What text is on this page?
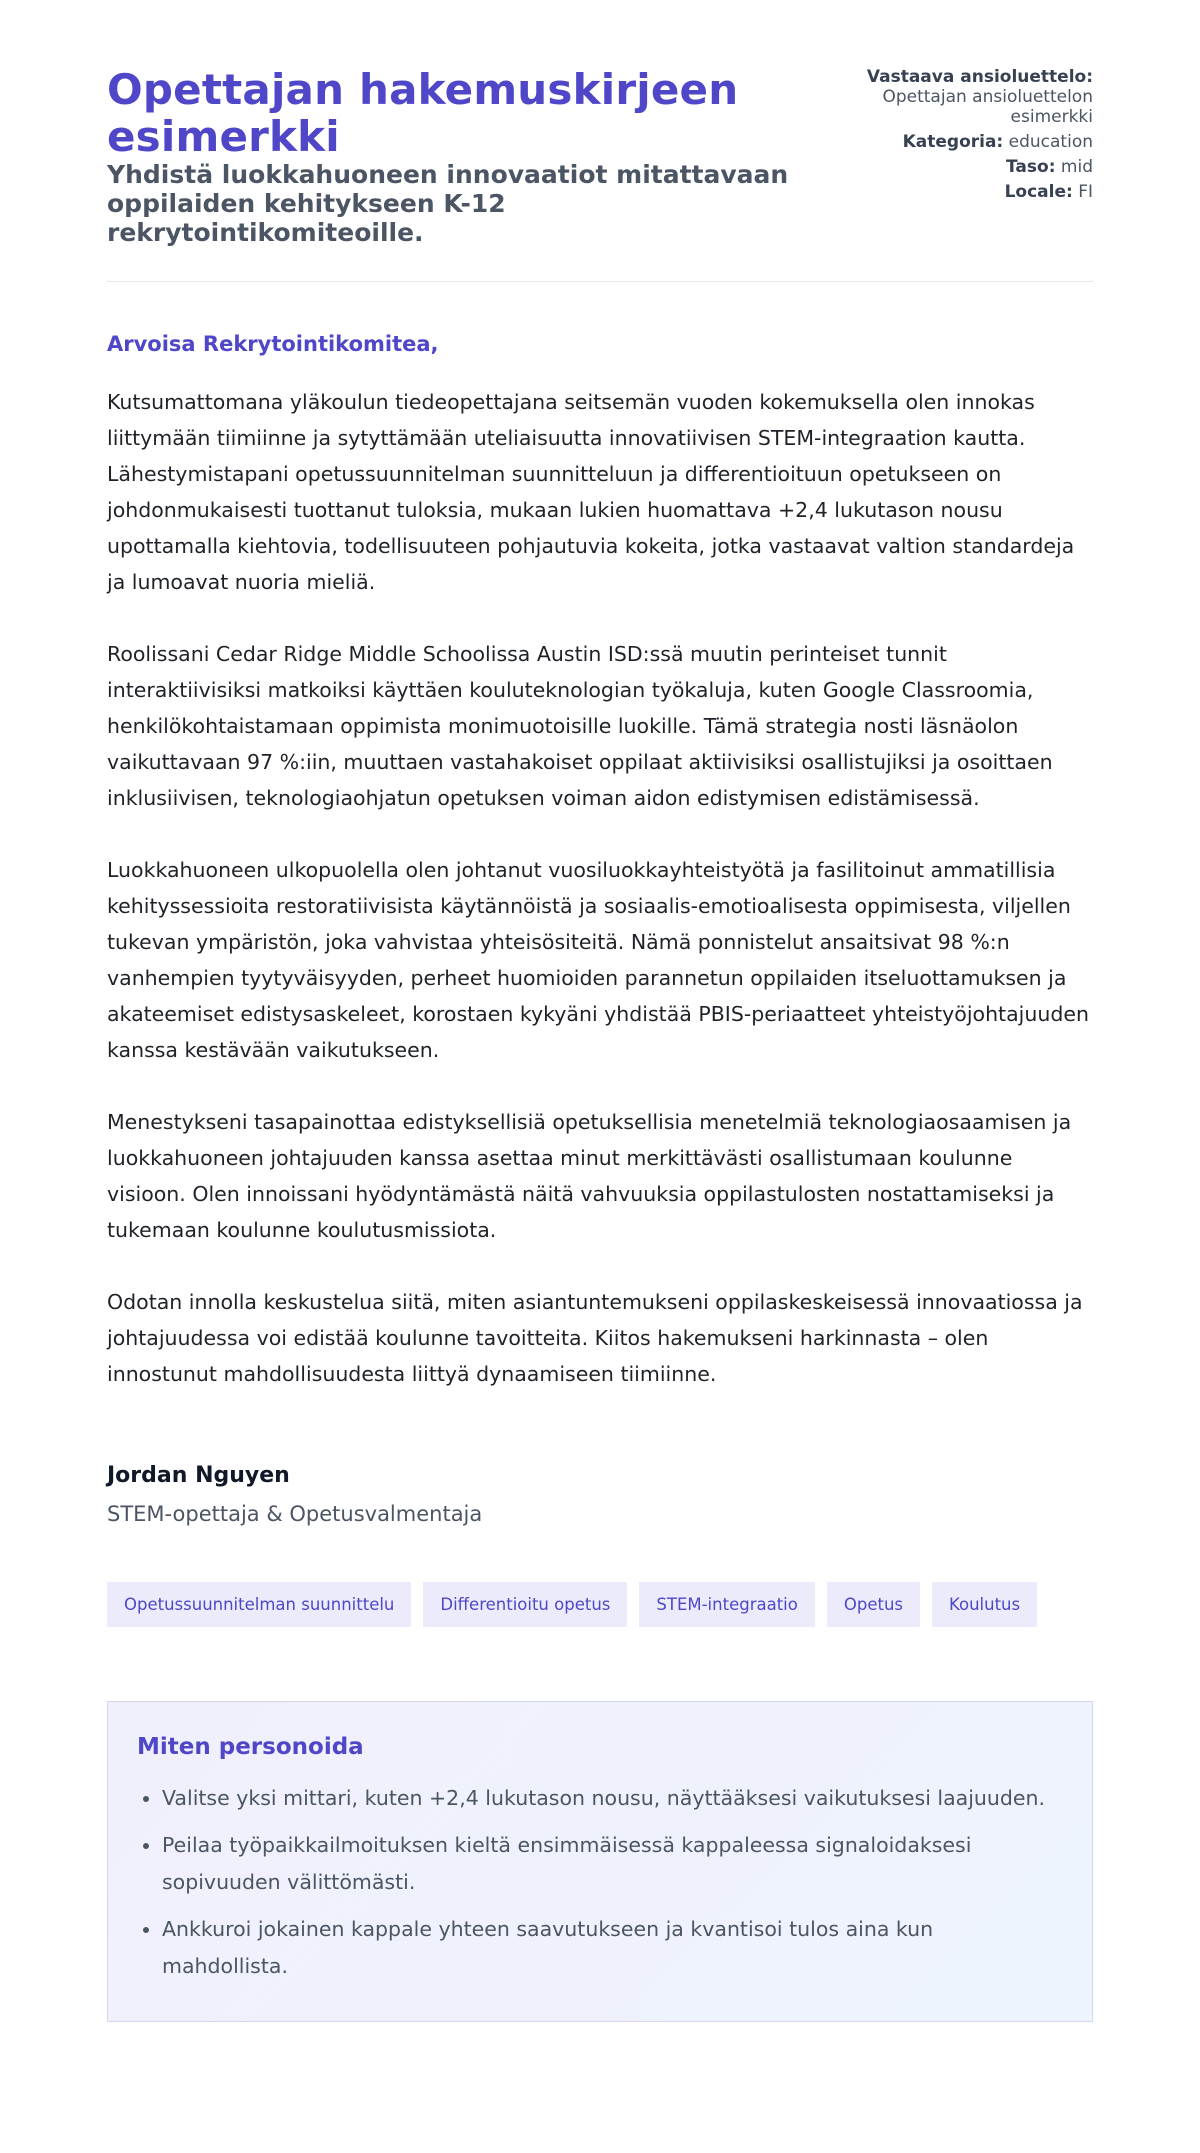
Opettajan hakemuskirjeen esimerkki

Yhdistä luokkahuoneen innovaatiot mitattavaan oppilaiden kehitykseen K-12 rekrytointikomiteoille.

Vastaava ansioluettelo:
Opettajan ansioluettelon esimerkki
Kategoria: education
Taso: mid
Locale: FI
Arvoisa Rekrytointikomitea,

Kutsumattomana yläkoulun tiedeopettajana seitsemän vuoden kokemuksella olen innokas liittymään tiimiinne ja sytyttämään uteliaisuutta innovatiivisen STEM-integraation kautta. Lähestymistapani opetussuunnitelman suunnitteluun ja differentioituun opetukseen on johdonmukaisesti tuottanut tuloksia, mukaan lukien huomattava +2,4 lukutason nousu upottamalla kiehtovia, todellisuuteen pohjautuvia kokeita, jotka vastaavat valtion standardeja ja lumoavat nuoria mieliä.

Roolissani Cedar Ridge Middle Schoolissa Austin ISD:ssä muutin perinteiset tunnit interaktiivisiksi matkoiksi käyttäen kouluteknologian työkaluja, kuten Google Classroomia, henkilökohtaistamaan oppimista monimuotoisille luokille. Tämä strategia nosti läsnäolon vaikuttavaan 97 %:iin, muuttaen vastahakoiset oppilaat aktiivisiksi osallistujiksi ja osoittaen inklusiivisen, teknologiaohjatun opetuksen voiman aidon edistymisen edistämisessä.

Luokkahuoneen ulkopuolella olen johtanut vuosiluokkayhteistyötä ja fasilitoinut ammatillisia kehityssessioita restoratiivisista käytännöistä ja sosiaalis-emotioalisesta oppimisesta, viljellen tukevan ympäristön, joka vahvistaa yhteisösiteitä. Nämä ponnistelut ansaitsivat 98 %:n vanhempien tyytyväisyyden, perheet huomioiden parannetun oppilaiden itseluottamuksen ja akateemiset edistysaskeleet, korostaen kykyäni yhdistää PBIS-periaatteet yhteistyöjohtajuuden kanssa kestävään vaikutukseen.

Menestykseni tasapainottaa edistyksellisiä opetuksellisia menetelmiä teknologiaosaamisen ja luokkahuoneen johtajuuden kanssa asettaa minut merkittävästi osallistumaan koulunne visioon. Olen innoissani hyödyntämästä näitä vahvuuksia oppilastulosten nostattamiseksi ja tukemaan koulunne koulutusmissiota.

Odotan innolla keskustelua siitä, miten asiantuntemukseni oppilaskeskeisessä innovaatiossa ja johtajuudessa voi edistää koulunne tavoitteita. Kiitos hakemukseni harkinnasta – olen innostunut mahdollisuudesta liittyä dynaamiseen tiimiinne.

Jordan Nguyen
STEM-opettaja & Opetusvalmentaja
Opetussuunnitelman suunnittelu	Differentioitu opetus	STEM-integraatio	Opetus	Koulutus
Miten personoida
• Valitse yksi mittari, kuten +2,4 lukutason nousu, näyttääksesi vaikutuksesi laajuuden.
• Peilaa työpaikkailmoituksen kieltä ensimmäisessä kappaleessa signaloidaksesi sopivuuden välittömästi.
• Ankkuroi jokainen kappale yhteen saavutukseen ja kvantisoi tulos aina kun mahdollista.
